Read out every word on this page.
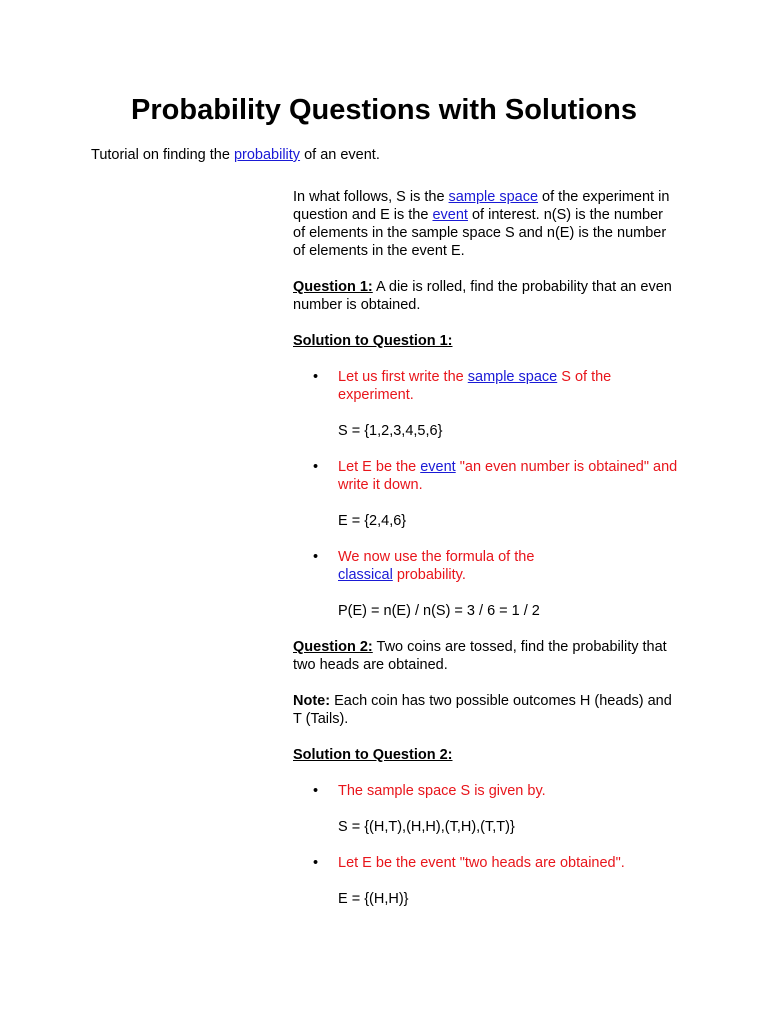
Probability Questions with Solutions

Tutorial on finding the probability of an event.

In what follows, S is the sample space of the experiment in question and E is the event of interest. n(S) is the number of elements in the sample space S and n(E) is the number of elements in the event E.

Question 1: A die is rolled, find the probability that an even number is obtained.

Solution to Question 1:

• Let us first write the sample space S of the experiment.
S = {1,2,3,4,5,6}
• Let E be the event "an even number is obtained" and write it down.
E = {2,4,6}
• We now use the formula of the classical probability.
P(E) = n(E) / n(S) = 3 / 6 = 1 / 2

Question 2: Two coins are tossed, find the probability that two heads are obtained.

Note: Each coin has two possible outcomes H (heads) and T (Tails).

Solution to Question 2:

• The sample space S is given by.
S = {(H,T),(H,H),(T,H),(T,T)}
• Let E be the event "two heads are obtained".
E = {(H,H)}
